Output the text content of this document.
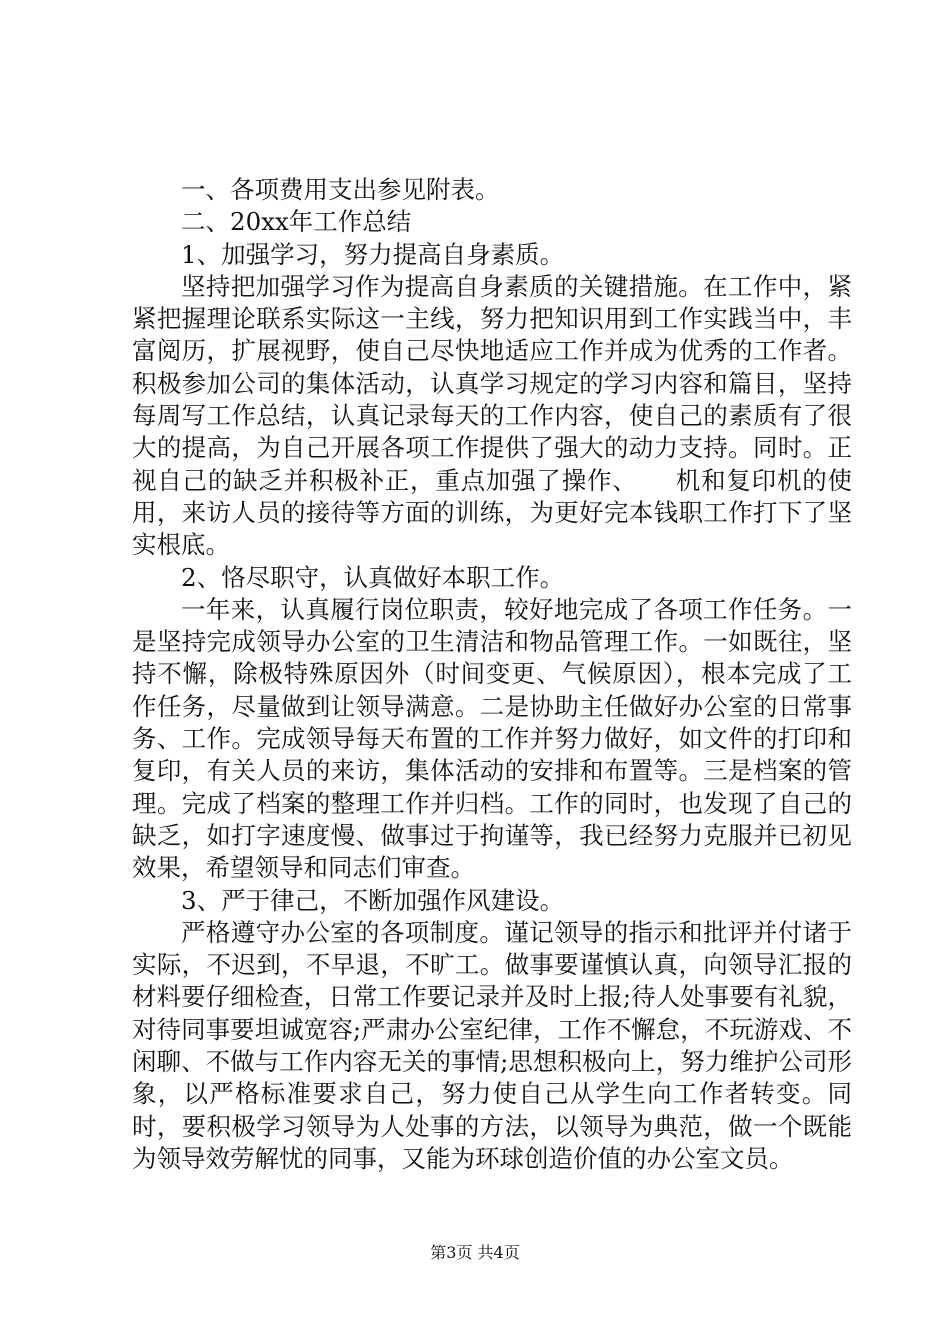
一、各项费用支出参见附表。

二、20xx年工作总结

1、加强学习，努力提高自身素质。

坚持把加强学习作为提高自身素质的关键措施。在工作中，紧紧把握理论联系实际这一主线，努力把知识用到工作实践当中，丰富阅历，扩展视野，使自己尽快地适应工作并成为优秀的工作者。积极参加公司的集体活动，认真学习规定的学习内容和篇目，坚持每周写工作总结，认真记录每天的工作内容，使自己的素质有了很大的提高，为自己开展各项工作提供了强大的动力支持。同时。正视自己的缺乏并积极补正，重点加强了操作、　　机和复印机的使用，来访人员的接待等方面的训练，为更好完本钱职工作打下了坚实根底。

2、恪尽职守，认真做好本职工作。

一年来，认真履行岗位职责，较好地完成了各项工作任务。一是坚持完成领导办公室的卫生清洁和物品管理工作。一如既往，坚持不懈，除极特殊原因外（时间变更、气候原因），根本完成了工作任务，尽量做到让领导满意。二是协助主任做好办公室的日常事务、工作。完成领导每天布置的工作并努力做好，如文件的打印和复印，有关人员的来访，集体活动的安排和布置等。三是档案的管理。完成了档案的整理工作并归档。工作的同时，也发现了自己的缺乏，如打字速度慢、做事过于拘谨等，我已经努力克服并已初见效果，希望领导和同志们审查。

3、严于律己，不断加强作风建设。

严格遵守办公室的各项制度。谨记领导的指示和批评并付诸于实际，不迟到，不早退，不旷工。做事要谨慎认真，向领导汇报的材料要仔细检查，日常工作要记录并及时上报;待人处事要有礼貌，对待同事要坦诚宽容;严肃办公室纪律，工作不懈怠，不玩游戏、不闲聊、不做与工作内容无关的事情;思想积极向上，努力维护公司形象，以严格标准要求自己，努力使自己从学生向工作者转变。同时，要积极学习领导为人处事的方法，以领导为典范，做一个既能为领导效劳解忧的同事，又能为环球创造价值的办公室文员。

第3页 共4页
